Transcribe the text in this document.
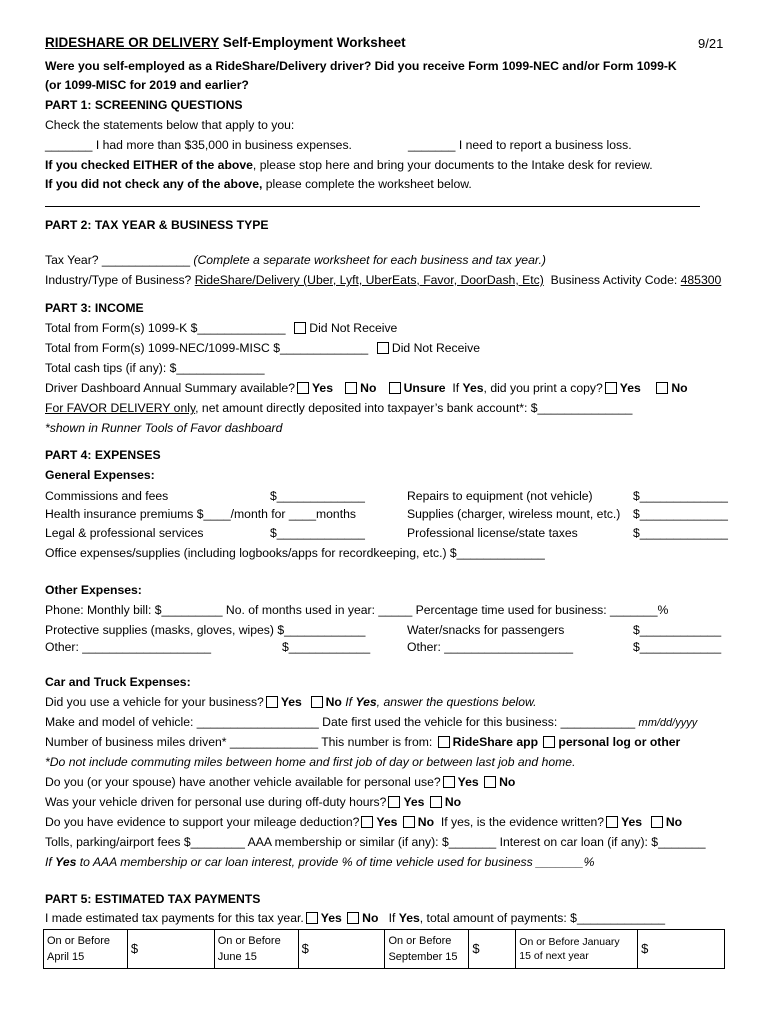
RIDESHARE OR DELIVERY Self-Employment Worksheet	9/21
Were you self-employed as a RideShare/Delivery driver? Did you receive Form 1099-NEC and/or Form 1099-K
(or 1099-MISC for 2019 and earlier?
PART 1: SCREENING QUESTIONS
Check the statements below that apply to you:
_______ I had more than $35,000 in business expenses.	_______ I need to report a business loss.
If you checked EITHER of the above, please stop here and bring your documents to the Intake desk for review.
If you did not check any of the above, please complete the worksheet below.
PART 2: TAX YEAR & BUSINESS TYPE
Tax Year? _____________ (Complete a separate worksheet for each business and tax year.)
Industry/Type of Business? RideShare/Delivery (Uber, Lyft, UberEats, Favor, DoorDash, Etc) Business Activity Code: 485300
PART 3: INCOME
Total from Form(s) 1099-K $_____________ Did Not Receive
Total from Form(s) 1099-NEC/1099-MISC $_____________ Did Not Receive
Total cash tips (if any): $_____________
Driver Dashboard Annual Summary available? Yes No Unsure If Yes, did you print a copy? Yes	No
For FAVOR DELIVERY only, net amount directly deposited into taxpayer’s bank account*: $______________
*shown in Runner Tools of Favor dashboard
PART 4: EXPENSES
General Expenses:
Commissions and fees	$_____________	Repairs to equipment (not vehicle)	$_____________
Health insurance premiums $____/month for ____months	Supplies (charger, wireless mount, etc.) $_____________
Legal & professional services	$_____________	Professional license/state taxes	$_____________
Office expenses/supplies (including logbooks/apps for recordkeeping, etc.) $_____________
Other Expenses:
Phone: Monthly bill: $_________ No. of months used in year: _____ Percentage time used for business: _______%
Protective supplies (masks, gloves, wipes) $____________	Water/snacks for passengers	$____________
Other: ___________________	$____________	Other: ___________________	$____________
Car and Truck Expenses:
Did you use a vehicle for your business? Yes No If Yes, answer the questions below.
Make and model of vehicle: __________________ Date first used the vehicle for this business: ___________ mm/dd/yyyy
Number of business miles driven* _____________ This number is from: RideShare app personal log or other
*Do not include commuting miles between home and first job of day or between last job and home.
Do you (or your spouse) have another vehicle available for personal use? Yes No
Was your vehicle driven for personal use during off-duty hours? Yes No
Do you have evidence to support your mileage deduction? Yes No If yes, is the evidence written? Yes No
Tolls, parking/airport fees $________ AAA membership or similar (if any): $_______ Interest on car loan (if any): $_______
If Yes to AAA membership or car loan interest, provide % of time vehicle used for business _______%
PART 5: ESTIMATED TAX PAYMENTS
I made estimated tax payments for this tax year. Yes No If Yes, total amount of payments: $_____________
On or Before April 15	$	On or Before June 15	$	On or Before September 15	$	On or Before January 15 of next year	$
